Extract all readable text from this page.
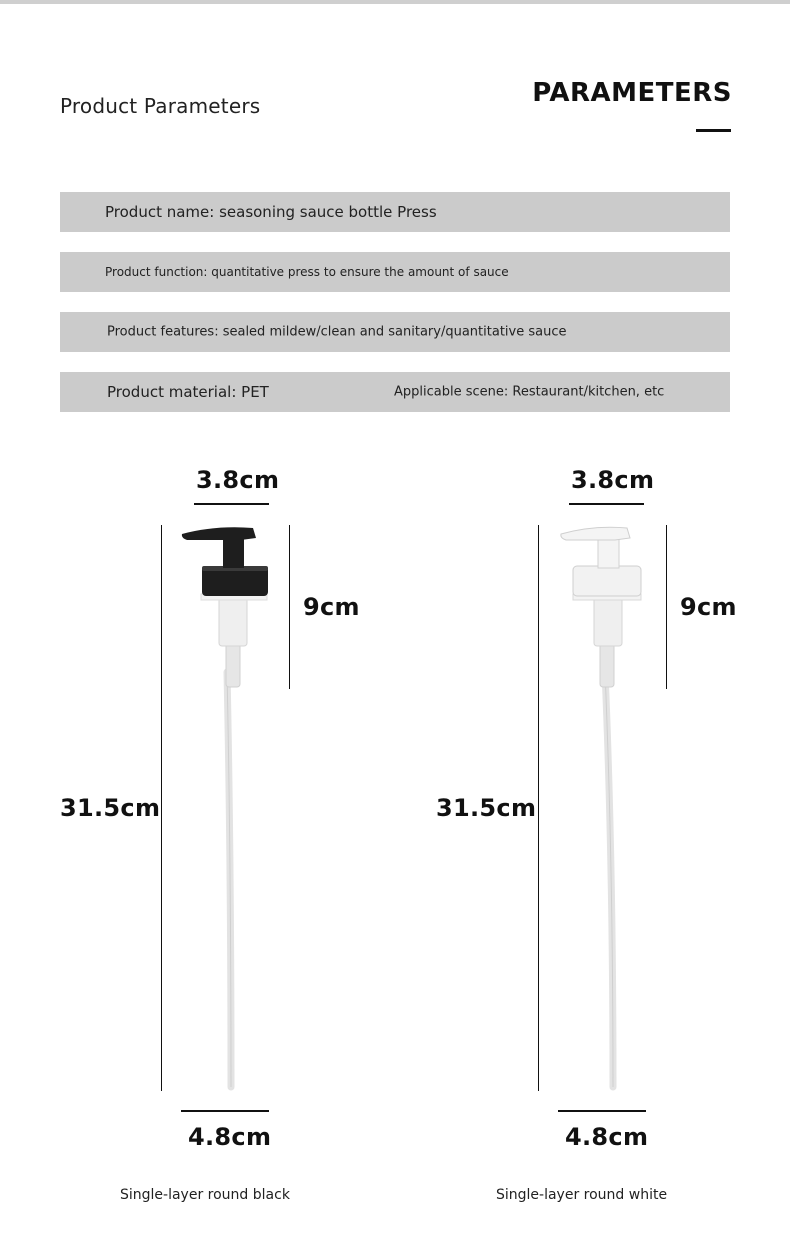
Product Parameters	PARAMETERS
Product name: seasoning sauce bottle Press
Product function: quantitative press to ensure the amount of sauce
Product features: sealed mildew/clean and sanitary/quantitative sauce
Product material: PET	Applicable scene: Restaurant/kitchen, etc
3.8cm
31.5cm
9cm
4.8cm
Single-layer round black
3.8cm
31.5cm
9cm
4.8cm
Single-layer round white
